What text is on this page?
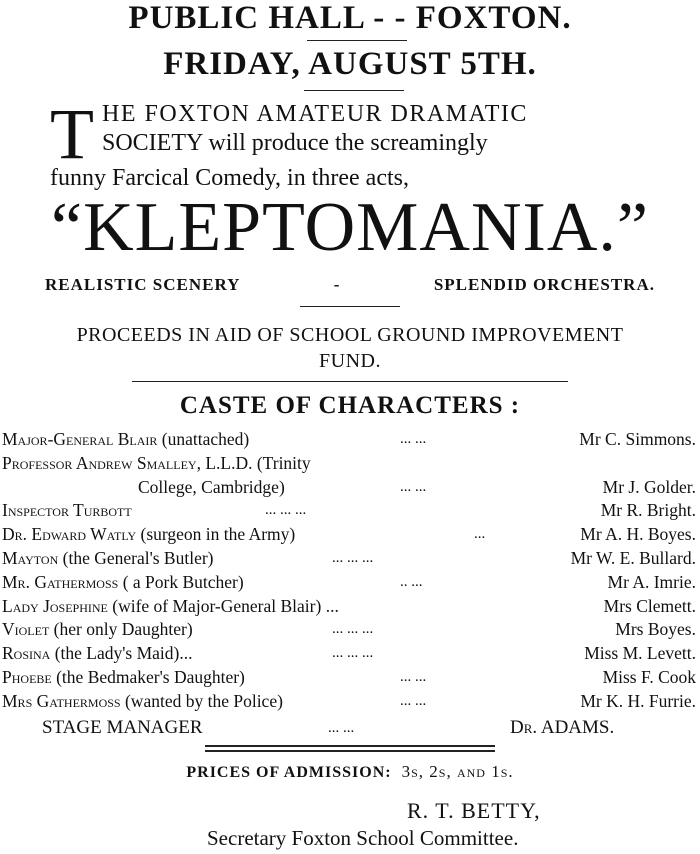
PUBLIC HALL - - FOXTON.
FRIDAY, AUGUST 5TH.
T HE FOXTON AMATEUR DRAMATIC
SOCIETY will produce the screamingly
funny Farcical Comedy, in three acts,
“KLEPTOMANIA.”
REALISTIC SCENERY	-	SPLENDID ORCHESTRA.
PROCEEDS IN AID OF SCHOOL GROUND IMPROVEMENT
FUND.
CASTE OF CHARACTERS :
Major-General Blair (unattached)	... ...	Mr C. Simmons.
Professor Andrew Smalley, L.L.D. (Trinity
College, Cambridge)	... ...	Mr J. Golder.
Inspector Turbott	... ... ...	Mr R. Bright.
Dr. Edward Watly (surgeon in the Army)	...	Mr A. H. Boyes.
Mayton (the General's Butler)	... ... ...	Mr W. E. Bullard.
Mr. Gathermoss ( a Pork Butcher)	.. ...	Mr A. Imrie.
Lady Josephine (wife of Major-General Blair) ...	Mrs Clemett.
Violet (her only Daughter)	... ... ...	Mrs Boyes.
Rosina (the Lady's Maid)...	... ... ...	Miss M. Levett.
Phoebe (the Bedmaker's Daughter)	... ...	Miss F. Cook
Mrs Gathermoss (wanted by the Police)	... ...	Mr K. H. Furrie.
STAGE MANAGER	... ...	Dr. ADAMS.
PRICES OF ADMISSION: 3s, 2s, and 1s.
R. T. BETTY,
Secretary Foxton School Committee.
